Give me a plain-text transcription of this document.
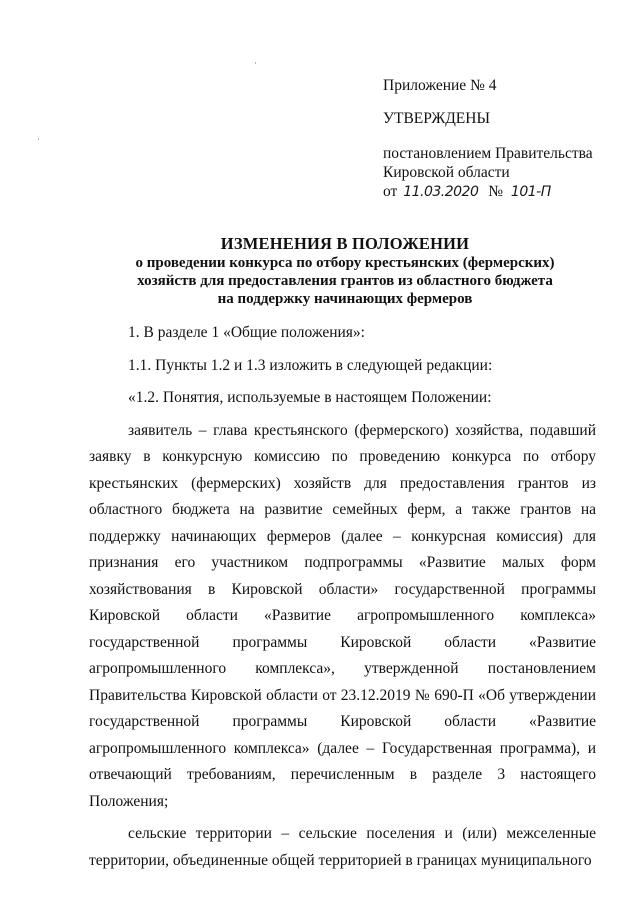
Приложение № 4
УТВЕРЖДЕНЫ
постановлением Правительства
Кировской области
от 11.03.2020 № 101-П
ИЗМЕНЕНИЯ В ПОЛОЖЕНИИ
о проведении конкурса по отбору крестьянских (фермерских)
хозяйств для предоставления грантов из областного бюджета
на поддержку начинающих фермеров

1. В разделе 1 «Общие положения»:

1.1. Пункты 1.2 и 1.3 изложить в следующей редакции:

«1.2. Понятия, используемые в настоящем Положении:

заявитель – глава крестьянского (фермерского) хозяйства, подавший заявку в конкурсную комиссию по проведению конкурса по отбору крестьянских (фермерских) хозяйств для предоставления грантов из областного бюджета на развитие семейных ферм, а также грантов на поддержку начинающих фермеров (далее – конкурсная комиссия) для признания его участником подпрограммы «Развитие малых форм хозяйствования в Кировской области» государственной программы Кировской области «Развитие агропромышленного комплекса» государственной программы Кировской области «Развитие агропромышленного комплекса», утвержденной постановлением Правительства Кировской области от 23.12.2019 № 690-П «Об утверждении государственной программы Кировской области «Развитие агропромышленного комплекса» (далее – Государственная программа), и отвечающий требованиям, перечисленным в разделе 3 настоящего Положения;

сельские территории – сельские поселения и (или) межселенные территории, объединенные общей территорией в границах муниципального

·
·
